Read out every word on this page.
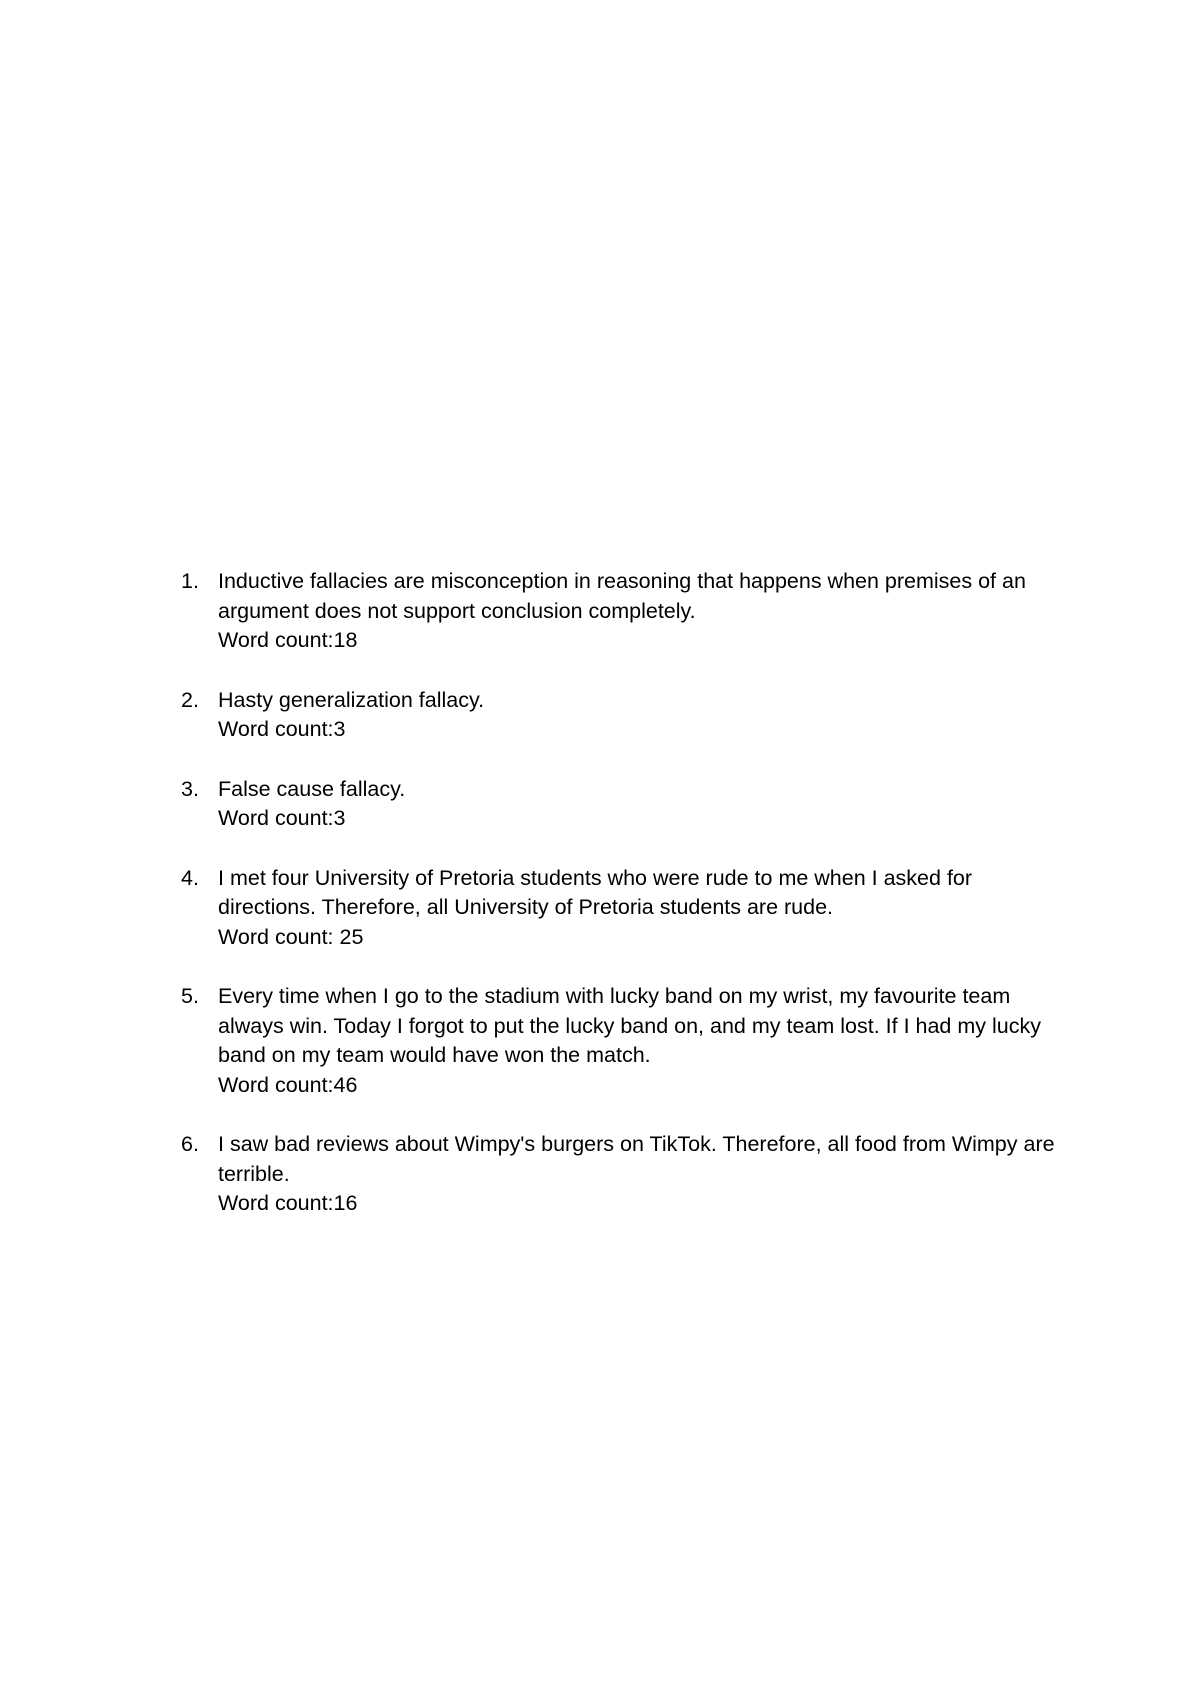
1. Inductive fallacies are misconception in reasoning that happens when premises of an argument does not support conclusion completely.
Word count:18
2. Hasty generalization fallacy.
Word count:3
3. False cause fallacy.
Word count:3
4. I met four University of Pretoria students who were rude to me when I asked for directions. Therefore, all University of Pretoria students are rude.
Word count: 25
5. Every time when I go to the stadium with lucky band on my wrist, my favourite team always win. Today I forgot to put the lucky band on, and my team lost. If I had my lucky band on my team would have won the match.
Word count:46
6. I saw bad reviews about Wimpy's burgers on TikTok. Therefore, all food from Wimpy are terrible.
Word count:16
